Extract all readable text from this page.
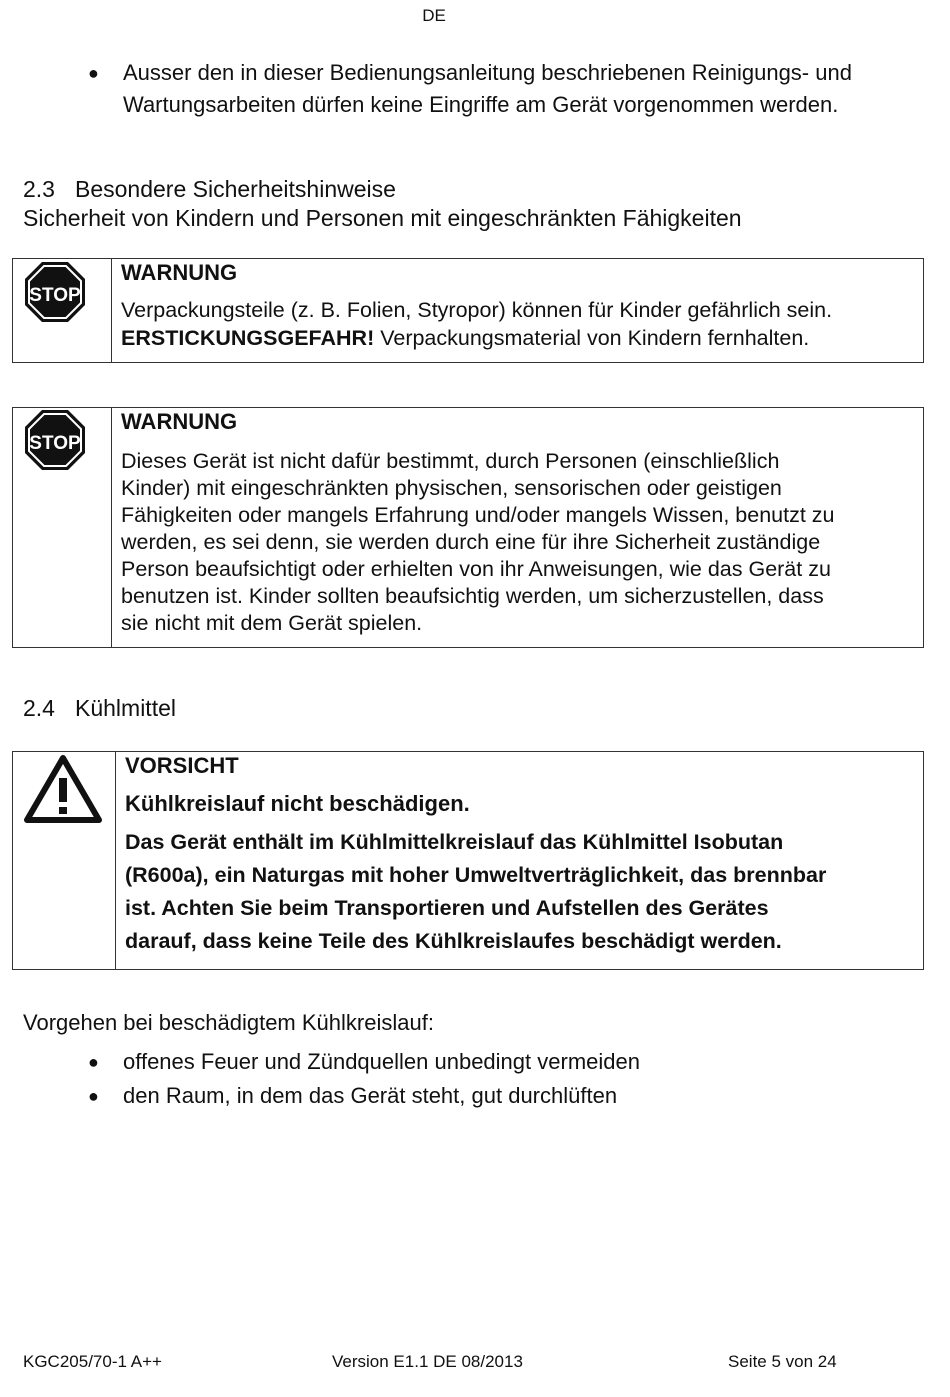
DE
●	Ausser den in dieser Bedienungsanleitung beschriebenen Reinigungs- und
Wartungsarbeiten dürfen keine Eingriffe am Gerät vorgenommen werden.
2.3 Besondere Sicherheitshinweise
Sicherheit von Kindern und Personen mit eingeschränkten Fähigkeiten
STOP
WARNUNG
Verpackungsteile (z. B. Folien, Styropor) können für Kinder gefährlich sein.
ERSTICKUNGSGEFAHR! Verpackungsmaterial von Kindern fernhalten.
STOP
WARNUNG
Dieses Gerät ist nicht dafür bestimmt, durch Personen (einschließlich
Kinder) mit eingeschränkten physischen, sensorischen oder geistigen
Fähigkeiten oder mangels Erfahrung und/oder mangels Wissen, benutzt zu
werden, es sei denn, sie werden durch eine für ihre Sicherheit zuständige
Person beaufsichtigt oder erhielten von ihr Anweisungen, wie das Gerät zu
benutzen ist. Kinder sollten beaufsichtig werden, um sicherzustellen, dass
sie nicht mit dem Gerät spielen.
2.4 Kühlmittel
VORSICHT
Kühlkreislauf nicht beschädigen.
Das Gerät enthält im Kühlmittelkreislauf das Kühlmittel Isobutan
(R600a), ein Naturgas mit hoher Umweltverträglichkeit, das brennbar
ist. Achten Sie beim Transportieren und Aufstellen des Gerätes
darauf, dass keine Teile des Kühlkreislaufes beschädigt werden.
Vorgehen bei beschädigtem Kühlkreislauf:
●	offenes Feuer und Zündquellen unbedingt vermeiden
●	den Raum, in dem das Gerät steht, gut durchlüften
KGC205/70-1 A++	Version E1.1 DE 08/2013	Seite 5 von 24
